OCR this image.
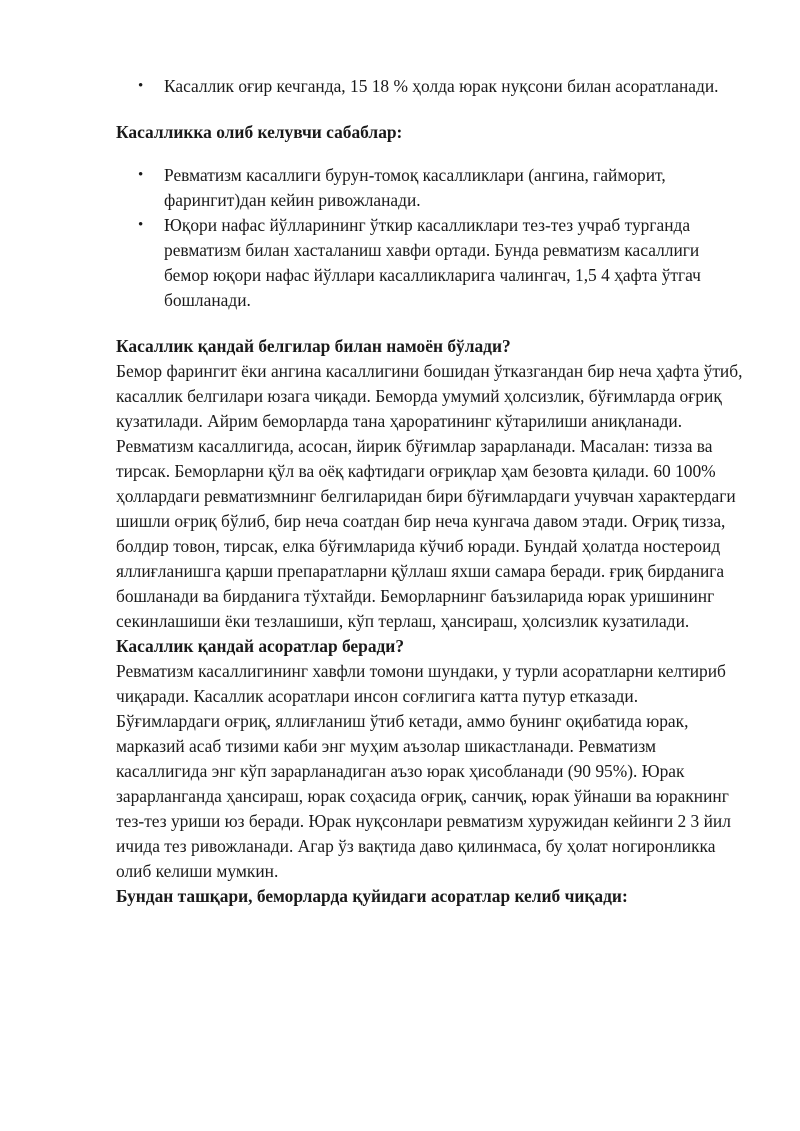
• Касаллик оғир кечганда, 15 18 % ҳолда юрак нуқсони билан асоратланади.
Касалликка олиб келувчи сабаблар:
• Ревматизм касаллиги бурун-томоқ касалликлари (ангина, гайморит, фарингит)дан кейин ривожланади.
• Юқори нафас йўлларининг ўткир касалликлари тез-тез учраб турганда ревматизм билан хасталаниш хавфи ортади. Бунда ревматизм касаллиги бемор юқори нафас йўллари касалликларига чалингач, 1,5 4 ҳафта ўтгач бошланади.
Касаллик қандай белгилар билан намоён бўлади?

Бемор фарингит ёки ангина касаллигини бошидан ўтказгандан бир неча ҳафта ўтиб, касаллик белгилари юзага чиқади. Беморда умумий ҳолсизлик, бўғимларда оғриқ кузатилади. Айрим беморларда тана ҳароратининг кўтарилиши аниқланади. Ревматизм касаллигида, асосан, йирик бўғимлар зарарланади. Масалан: тизза ва тирсак. Беморларни қўл ва оёқ кафтидаги оғриқлар ҳам безовта қилади. 60 100% ҳоллардаги ревматизмнинг белгиларидан бири бўғимлардаги учувчан характердаги шишли оғриқ бўлиб, бир неча соатдан бир неча кунгача давом этади. Оғриқ тизза, болдир товон, тирсак, елка бўғимларида кўчиб юради. Бундай ҳолатда ностероид яллиғланишга қарши препаратларни қўллаш яхши самара беради. ғриқ бирданига бошланади ва бирданига тўхтайди. Беморларнинг баъзиларида юрак уришининг секинлашиши ёки тезлашиши, кўп терлаш, ҳансираш, ҳолсизлик кузатилади.

Касаллик қандай асоратлар беради?

Ревматизм касаллигининг хавфли томони шундаки, у турли асоратларни келтириб чиқаради. Касаллик асоратлари инсон соғлигига катта путур етказади.

Бўғимлардаги оғриқ, яллиғланиш ўтиб кетади, аммо бунинг оқибатида юрак, марказий асаб тизими каби энг муҳим аъзолар шикастланади. Ревматизм касаллигида энг кўп зарарланадиган аъзо юрак ҳисобланади (90 95%). Юрак зарарланганда ҳансираш, юрак соҳасида оғриқ, санчиқ, юрак ўйнаши ва юракнинг тез-тез уриши юз беради. Юрак нуқсонлари ревматизм хуружидан кейинги 2 3 йил ичида тез ривожланади. Агар ўз вақтида даво қилинмаса, бу ҳолат ногиронликка олиб келиши мумкин.

Бундан ташқари, беморларда қуйидаги асоратлар келиб чиқади:
